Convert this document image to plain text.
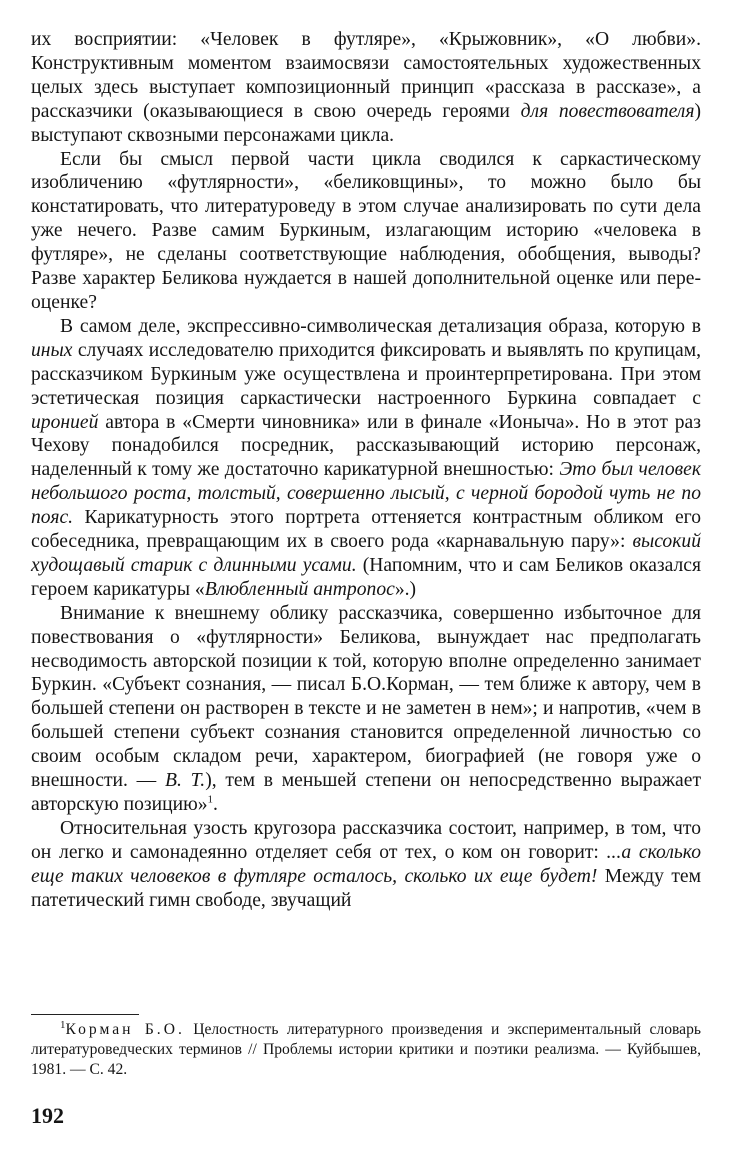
их восприятии: «Человек в футляре», «Крыжовник», «О любви». Конструктивным моментом взаимосвязи самостоятельных художественных целых здесь выступает композиционный принцип «рассказа в рассказе», а рассказчики (оказывающиеся в свою очередь героями для повествователя) выступают сквозными персонажами цикла.

Если бы смысл первой части цикла сводился к саркастическому изобличению «футлярности», «беликовщины», то можно было бы констатировать, что литературоведу в этом случае анализировать по сути дела уже нечего. Разве самим Буркиным, излагающим историю «человека в футляре», не сделаны соответствующие наблюдения, обобщения, выводы? Разве характер Беликова нуждается в нашей дополнительной оценке или переоценке?

В самом деле, экспрессивно-символическая детализация образа, которую в иных случаях исследователю приходится фиксировать и выявлять по крупицам, рассказчиком Буркиным уже осуществлена и проинтерпретирована. При этом эстетическая позиция саркастически настроенного Буркина совпадает с иронией автора в «Смерти чиновника» или в финале «Ионыча». Но в этот раз Чехову понадобился посредник, рассказывающий историю персонаж, наделенный к тому же достаточно карикатурной внешностью: Это был человек небольшого роста, толстый, совершенно лысый, с черной бородой чуть не по пояс. Карикатурность этого портрета оттеняется контрастным обликом его собеседника, превращающим их в своего рода «карнавальную пару»: высокий худощавый старик с длинными усами. (Напомним, что и сам Беликов оказался героем карикатуры «Влюбленный антропос».)

Внимание к внешнему облику рассказчика, совершенно избыточное для повествования о «футлярности» Беликова, вынуждает нас предполагать несводимость авторской позиции к той, которую вполне определенно занимает Буркин. «Субъект сознания, — писал Б.О.Корман, — тем ближе к автору, чем в большей степени он растворен в тексте и не заметен в нем»; и напротив, «чем в большей степени субъект сознания становится определенной личностью со своим особым складом речи, характером, биографией (не говоря уже о внешности. — В. Т.), тем в меньшей степени он непосредственно выражает авторскую позицию»$^1$.

Относительная узость кругозора рассказчика состоит, например, в том, что он легко и самонадеянно отделяет себя от тех, о ком он говорит: ...а сколько еще таких человеков в футляре осталось, сколько их еще будет! Между тем патетический гимн свободе, звучащий

$^1$Корман Б.О. Целостность литературного произведения и экспериментальный словарь литературоведческих терминов // Проблемы истории критики и поэтики реализма. — Куйбышев, 1981. — С. 42.

192
